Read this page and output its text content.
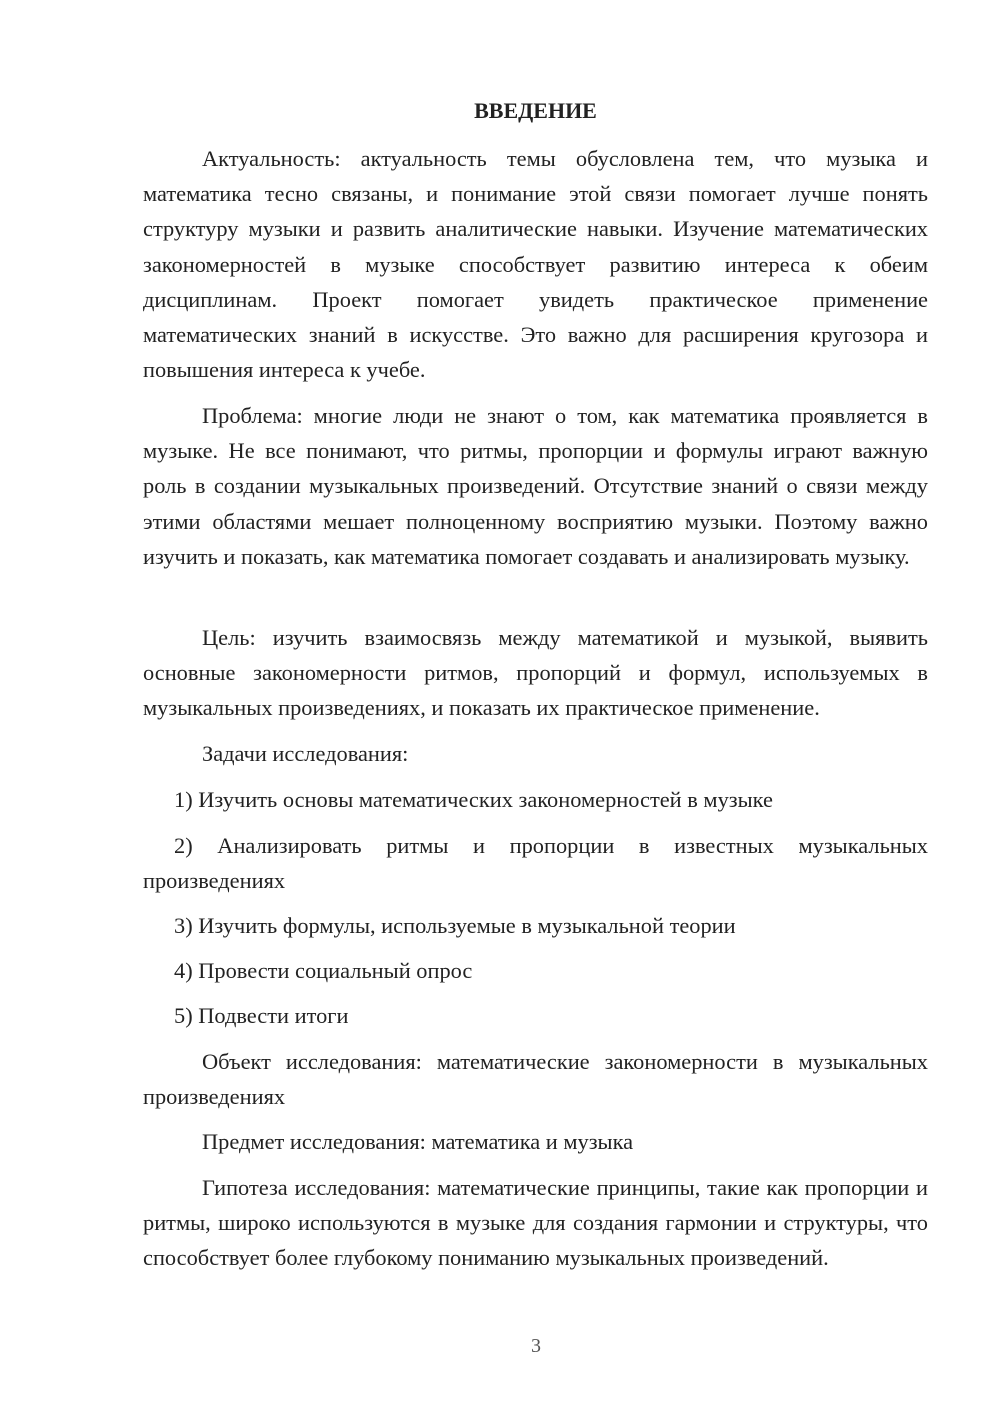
ВВЕДЕНИЕ

Актуальность: актуальность темы обусловлена тем, что музыка и математика тесно связаны, и понимание этой связи помогает лучше понять структуру музыки и развить аналитические навыки. Изучение математических закономерностей в музыке способствует развитию интереса к обеим дисциплинам. Проект помогает увидеть практическое применение математических знаний в искусстве. Это важно для расширения кругозора и повышения интереса к учебе.

Проблема: многие люди не знают о том, как математика проявляется в музыке. Не все понимают, что ритмы, пропорции и формулы играют важную роль в создании музыкальных произведений. Отсутствие знаний о связи между этими областями мешает полноценному восприятию музыки. Поэтому важно изучить и показать, как математика помогает создавать и анализировать музыку.

Цель: изучить взаимосвязь между математикой и музыкой, выявить основные закономерности ритмов, пропорций и формул, используемых в музыкальных произведениях, и показать их практическое применение.

Задачи исследования:

1) Изучить основы математических закономерностей в музыке

2) Анализировать ритмы и пропорции в известных музыкальных произведениях

3) Изучить формулы, используемые в музыкальной теории

4) Провести социальный опрос

5) Подвести итоги

Объект исследования: математические закономерности в музыкальных произведениях

Предмет исследования: математика и музыка

Гипотеза исследования: математические принципы, такие как пропорции и ритмы, широко используются в музыке для создания гармонии и структуры, что способствует более глубокому пониманию музыкальных произведений.

3
